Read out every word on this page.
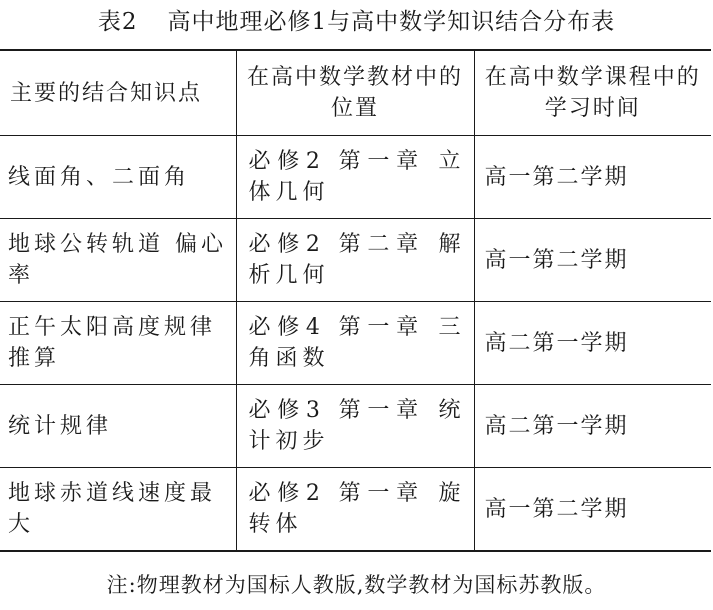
表2 高中地理必修1与高中数学知识结合分布表
主要的结合知识点	在高中数学教材中的位置	在高中数学课程中的学习时间
线面角、二面角	必修2 第一章 立体几何	高一第二学期
地球公转轨道 偏心率	必修2 第二章 解析几何	高一第二学期
正午太阳高度规律推算	必修4 第一章 三角函数	高二第一学期
统计规律	必修3 第一章 统计初步	高二第一学期
地球赤道线速度最大	必修2 第一章 旋转体	高一第二学期
注:物理教材为国标人教版,数学教材为国标苏教版。
